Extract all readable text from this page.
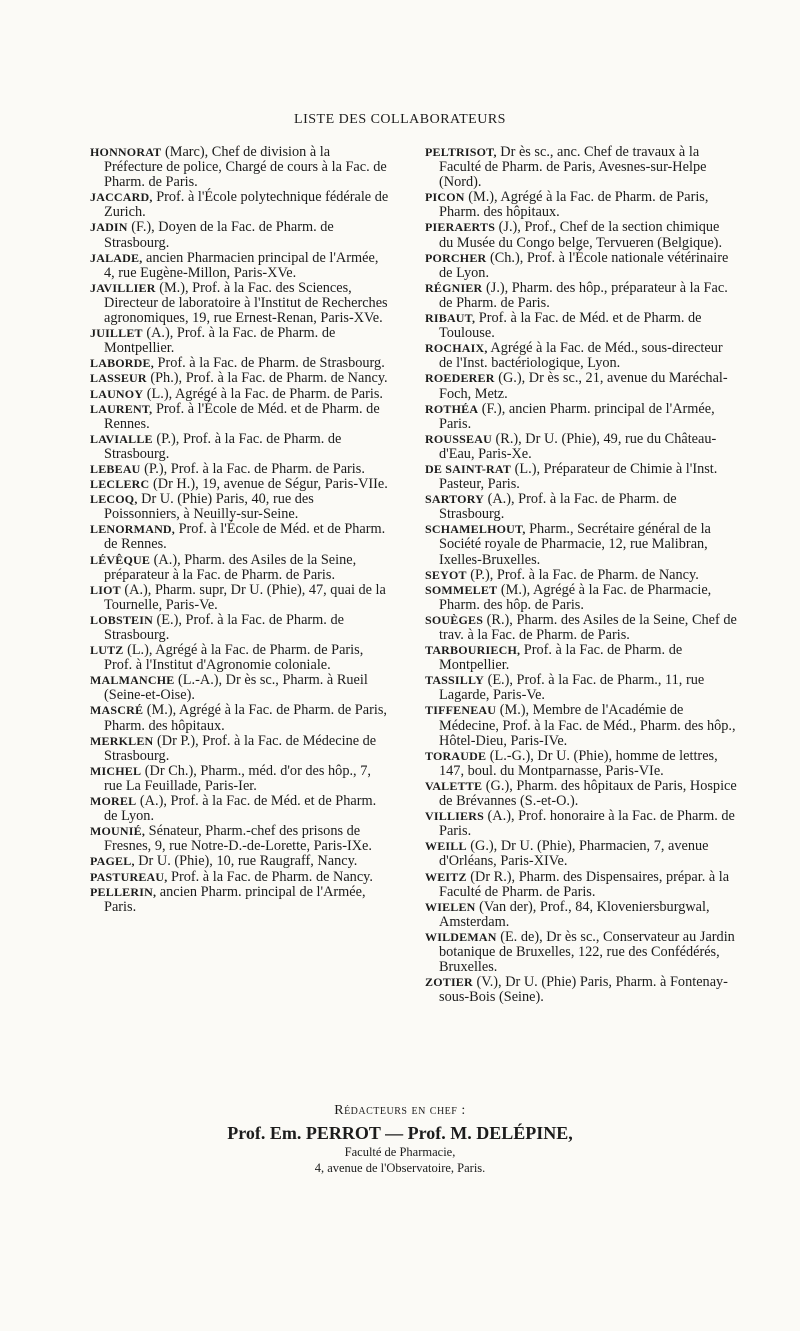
LISTE DES COLLABORATEURS

HONNORAT (Marc), Chef de division à la Préfecture de police, Chargé de cours à la Fac. de Pharm. de Paris.

JACCARD, Prof. à l'École polytechnique fédérale de Zurich.

JADIN (F.), Doyen de la Fac. de Pharm. de Strasbourg.

JALADE, ancien Pharmacien principal de l'Armée, 4, rue Eugène-Millon, Paris-XVe.

JAVILLIER (M.), Prof. à la Fac. des Sciences, Directeur de laboratoire à l'Institut de Recherches agronomiques, 19, rue Ernest-Renan, Paris-XVe.

JUILLET (A.), Prof. à la Fac. de Pharm. de Montpellier.

LABORDE, Prof. à la Fac. de Pharm. de Strasbourg.

LASSEUR (Ph.), Prof. à la Fac. de Pharm. de Nancy.

LAUNOY (L.), Agrégé à la Fac. de Pharm. de Paris.

LAURENT, Prof. à l'École de Méd. et de Pharm. de Rennes.

LAVIALLE (P.), Prof. à la Fac. de Pharm. de Strasbourg.

LEBEAU (P.), Prof. à la Fac. de Pharm. de Paris.

LECLERC (Dr H.), 19, avenue de Ségur, Paris-VIIe.

LECOQ, Dr U. (Phie) Paris, 40, rue des Poissonniers, à Neuilly-sur-Seine.

LENORMAND, Prof. à l'École de Méd. et de Pharm. de Rennes.

LÉVÊQUE (A.), Pharm. des Asiles de la Seine, préparateur à la Fac. de Pharm. de Paris.

LIOT (A.), Pharm. supr, Dr U. (Phie), 47, quai de la Tournelle, Paris-Ve.

LOBSTEIN (E.), Prof. à la Fac. de Pharm. de Strasbourg.

LUTZ (L.), Agrégé à la Fac. de Pharm. de Paris, Prof. à l'Institut d'Agronomie coloniale.

MALMANCHE (L.-A.), Dr ès sc., Pharm. à Rueil (Seine-et-Oise).

MASCRÉ (M.), Agrégé à la Fac. de Pharm. de Paris, Pharm. des hôpitaux.

MERKLEN (Dr P.), Prof. à la Fac. de Médecine de Strasbourg.

MICHEL (Dr Ch.), Pharm., méd. d'or des hôp., 7, rue La Feuillade, Paris-Ier.

MOREL (A.), Prof. à la Fac. de Méd. et de Pharm. de Lyon.

MOUNIÉ, Sénateur, Pharm.-chef des prisons de Fresnes, 9, rue Notre-D.-de-Lorette, Paris-IXe.

PAGEL, Dr U. (Phie), 10, rue Raugraff, Nancy.

PASTUREAU, Prof. à la Fac. de Pharm. de Nancy.

PELLERIN, ancien Pharm. principal de l'Armée, Paris.

PELTRISOT, Dr ès sc., anc. Chef de travaux à la Faculté de Pharm. de Paris, Avesnes-sur-Helpe (Nord).

PICON (M.), Agrégé à la Fac. de Pharm. de Paris, Pharm. des hôpitaux.

PIERAERTS (J.), Prof., Chef de la section chimique du Musée du Congo belge, Tervueren (Belgique).

PORCHER (Ch.), Prof. à l'École nationale vétérinaire de Lyon.

RÉGNIER (J.), Pharm. des hôp., préparateur à la Fac. de Pharm. de Paris.

RIBAUT, Prof. à la Fac. de Méd. et de Pharm. de Toulouse.

ROCHAIX, Agrégé à la Fac. de Méd., sous-directeur de l'Inst. bactériologique, Lyon.

ROEDERER (G.), Dr ès sc., 21, avenue du Maréchal-Foch, Metz.

ROTHÉA (F.), ancien Pharm. principal de l'Armée, Paris.

ROUSSEAU (R.), Dr U. (Phie), 49, rue du Château-d'Eau, Paris-Xe.

DE SAINT-RAT (L.), Préparateur de Chimie à l'Inst. Pasteur, Paris.

SARTORY (A.), Prof. à la Fac. de Pharm. de Strasbourg.

SCHAMELHOUT, Pharm., Secrétaire général de la Société royale de Pharmacie, 12, rue Malibran, Ixelles-Bruxelles.

SEYOT (P.), Prof. à la Fac. de Pharm. de Nancy.

SOMMELET (M.), Agrégé à la Fac. de Pharmacie, Pharm. des hôp. de Paris.

SOUÈGES (R.), Pharm. des Asiles de la Seine, Chef de trav. à la Fac. de Pharm. de Paris.

TARBOURIECH, Prof. à la Fac. de Pharm. de Montpellier.

TASSILLY (E.), Prof. à la Fac. de Pharm., 11, rue Lagarde, Paris-Ve.

TIFFENEAU (M.), Membre de l'Académie de Médecine, Prof. à la Fac. de Méd., Pharm. des hôp., Hôtel-Dieu, Paris-IVe.

TORAUDE (L.-G.), Dr U. (Phie), homme de lettres, 147, boul. du Montparnasse, Paris-VIe.

VALETTE (G.), Pharm. des hôpitaux de Paris, Hospice de Brévannes (S.-et-O.).

VILLIERS (A.), Prof. honoraire à la Fac. de Pharm. de Paris.

WEILL (G.), Dr U. (Phie), Pharmacien, 7, avenue d'Orléans, Paris-XIVe.

WEITZ (Dr R.), Pharm. des Dispensaires, prépar. à la Faculté de Pharm. de Paris.

WIELEN (Van der), Prof., 84, Kloveniersburgwal, Amsterdam.

WILDEMAN (E. de), Dr ès sc., Conservateur au Jardin botanique de Bruxelles, 122, rue des Confédérés, Bruxelles.

ZOTIER (V.), Dr U. (Phie) Paris, Pharm. à Fontenay-sous-Bois (Seine).

Rédacteurs en chef :
Prof. Em. PERROT — Prof. M. DELÉPINE,
Faculté de Pharmacie,
4, avenue de l'Observatoire, Paris.
